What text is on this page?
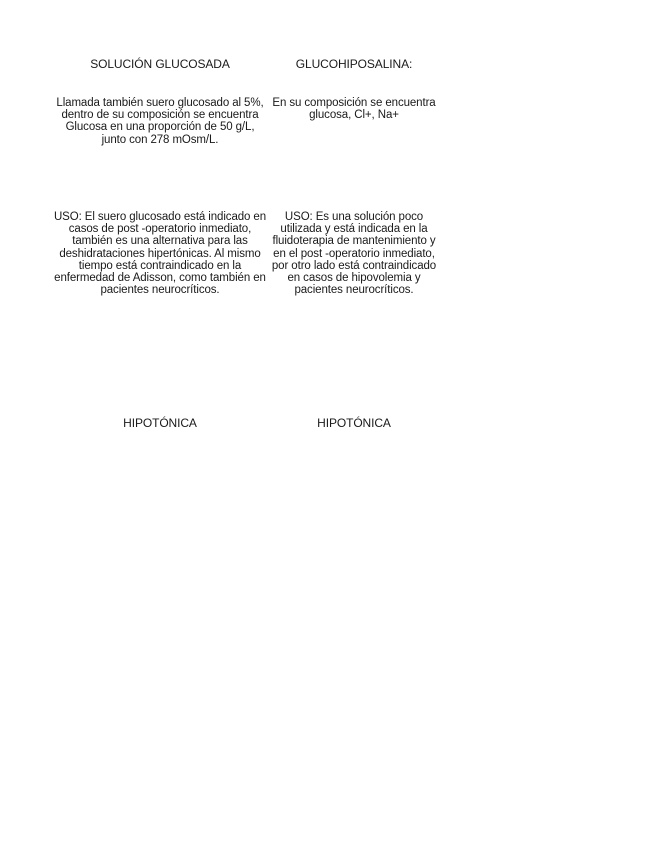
SOLUCIÓN GLUCOSADA	GLUCOHIPOSALINA:
Llamada también suero glucosado al 5%, dentro de su composición se encuentra Glucosa en una proporción de 50 g/L, junto con 278 mOsm/L.
En su composición se encuentra glucosa, Cl+, Na+
USO: El suero glucosado está indicado en casos de post -operatorio inmediato, también es una alternativa para las deshidrataciones hipertónicas. Al mismo tiempo está contraindicado en la enfermedad de Adisson, como también en pacientes neurocríticos.
USO: Es una solución poco utilizada y está indicada en la fluidoterapia de mantenimiento y en el post -operatorio inmediato, por otro lado está contraindicado en casos de hipovolemia y pacientes neurocríticos.
HIPOTÓNICA	HIPOTÓNICA
